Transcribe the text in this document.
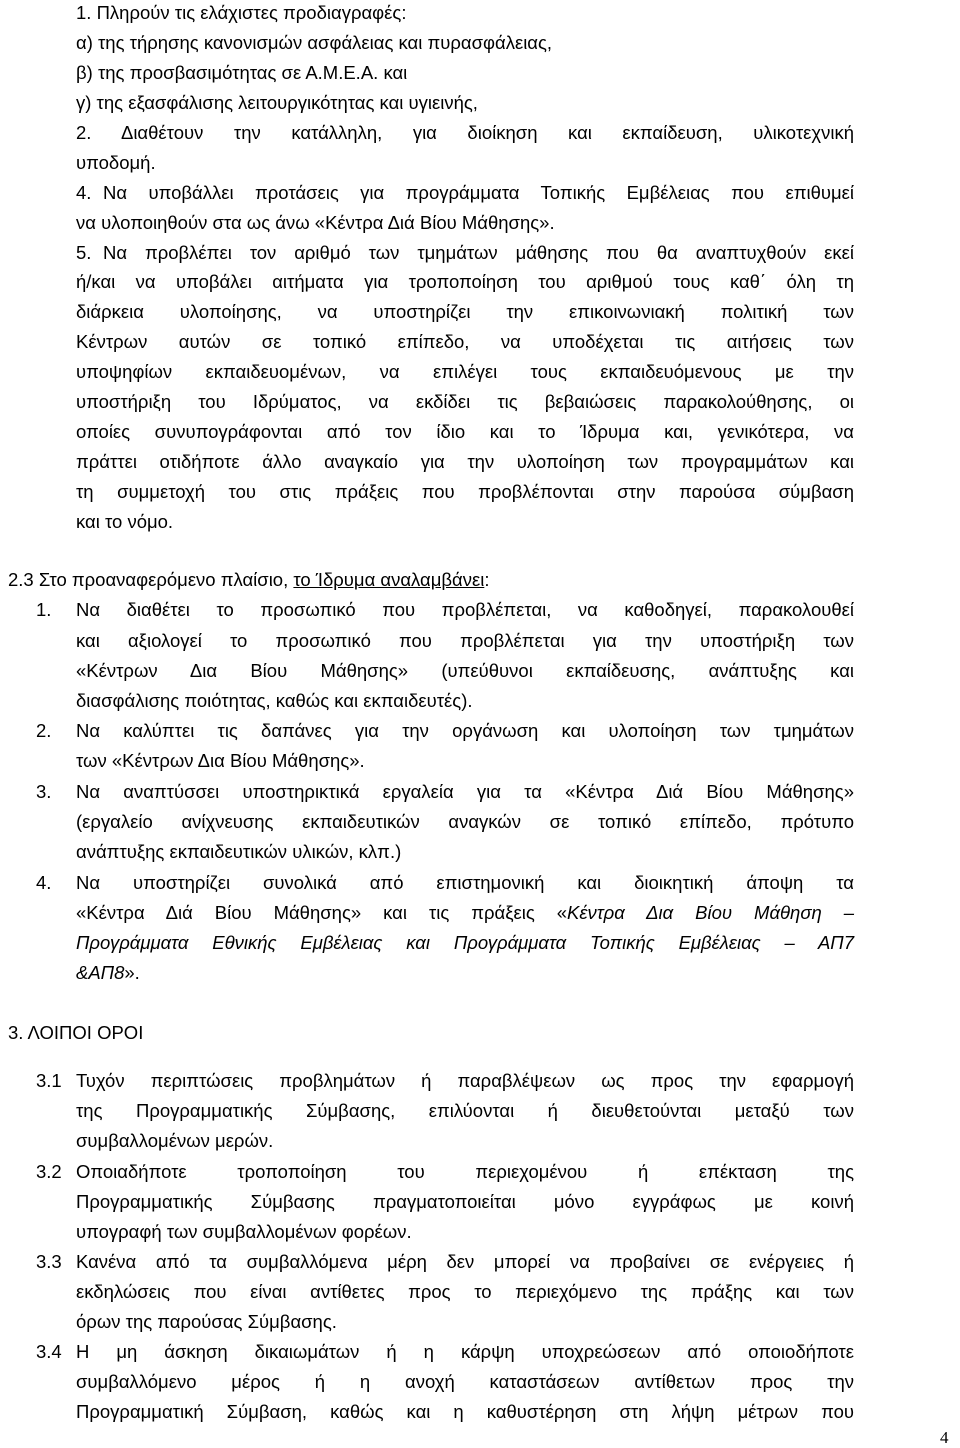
1. Πληρούν τις ελάχιστες προδιαγραφές:
α) της τήρησης κανονισμών ασφάλειας και πυρασφάλειας,
β) της προσβασιμότητας σε Α.Μ.Ε.Α. και
γ) της εξασφάλισης λειτουργικότητας και υγιεινής,
2. Διαθέτουν την κατάλληλη, για διοίκηση και εκπαίδευση, υλικοτεχνική
υποδομή.
4. Να υποβάλλει προτάσεις για προγράμματα Τοπικής Εμβέλειας που επιθυμεί
να υλοποιηθούν στα ως άνω «Κέντρα Διά Βίου Μάθησης».
5. Να προβλέπει τον αριθμό των τμημάτων μάθησης που θα αναπτυχθούν εκεί
ή/και να υποβάλει αιτήματα για τροποποίηση του αριθμού τους καθ΄ όλη τη
διάρκεια υλοποίησης, να υποστηρίζει την επικοινωνιακή πολιτική των
Κέντρων αυτών σε τοπικό επίπεδο, να υποδέχεται τις αιτήσεις των
υποψηφίων εκπαιδευομένων, να επιλέγει τους εκπαιδευόμενους με την
υποστήριξη του Ιδρύματος, να εκδίδει τις βεβαιώσεις παρακολούθησης, οι
οποίες συνυπογράφονται από τον ίδιο και το Ίδρυμα και, γενικότερα, να
πράττει οτιδήποτε άλλο αναγκαίο για την υλοποίηση των προγραμμάτων και
τη συμμετοχή του στις πράξεις που προβλέπονται στην παρούσα σύμβαση
και το νόμο.
2.3 Στο προαναφερόμενο πλαίσιο, το Ίδρυμα αναλαμβάνει:
1. Να διαθέτει το προσωπικό που προβλέπεται, να καθοδηγεί, παρακολουθεί
και αξιολογεί το προσωπικό που προβλέπεται για την υποστήριξη των
«Κέντρων Δια Βίου Μάθησης» (υπεύθυνοι εκπαίδευσης, ανάπτυξης και
διασφάλισης ποιότητας, καθώς και εκπαιδευτές).
2. Να καλύπτει τις δαπάνες για την οργάνωση και υλοποίηση των τμημάτων
των «Κέντρων Δια Βίου Μάθησης».
3. Να αναπτύσσει υποστηρικτικά εργαλεία για τα «Κέντρα Διά Βίου Μάθησης»
(εργαλείο ανίχνευσης εκπαιδευτικών αναγκών σε τοπικό επίπεδο, πρότυπο
ανάπτυξης εκπαιδευτικών υλικών, κλπ.)
4. Να υποστηρίζει συνολικά από επιστημονική και διοικητική άποψη τα
«Κέντρα Διά Βίου Μάθησης» και τις πράξεις «Κέντρα Δια Βίου Μάθηση –
Προγράμματα Εθνικής Εμβέλειας και Προγράμματα Τοπικής Εμβέλειας – ΑΠ7
&ΑΠ8».
3. ΛΟΙΠΟΙ ΟΡΟΙ
3.1 Τυχόν περιπτώσεις προβλημάτων ή παραβλέψεων ως προς την εφαρμογή
της Προγραμματικής Σύμβασης, επιλύονται ή διευθετούνται μεταξύ των
συμβαλλομένων μερών.
3.2 Οποιαδήποτε τροποποίηση του περιεχομένου ή επέκταση της
Προγραμματικής Σύμβασης πραγματοποιείται μόνο εγγράφως με κοινή
υπογραφή των συμβαλλομένων φορέων.
3.3 Κανένα από τα συμβαλλόμενα μέρη δεν μπορεί να προβαίνει σε ενέργειες ή
εκδηλώσεις που είναι αντίθετες προς το περιεχόμενο της πράξης και των
όρων της παρούσας Σύμβασης.
3.4 Η μη άσκηση δικαιωμάτων ή η κάρψη υποχρεώσεων από οποιοδήποτε
συμβαλλόμενο μέρος ή η ανοχή καταστάσεων αντίθετων προς την
Προγραμματική Σύμβαση, καθώς και η καθυστέρηση στη λήψη μέτρων που
4
